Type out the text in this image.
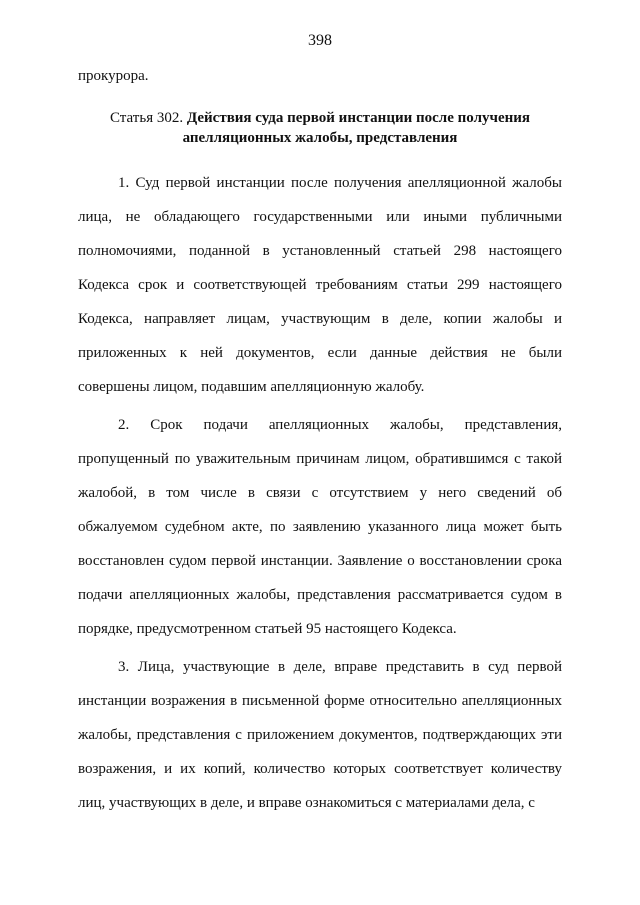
398

прокурора.

Статья 302. Действия суда первой инстанции после получения апелляционных жалобы, представления

1. Суд первой инстанции после получения апелляционной жалобы лица, не обладающего государственными или иными публичными полномочиями, поданной в установленный статьей 298 настоящего Кодекса срок и соответствующей требованиям статьи 299 настоящего Кодекса, направляет лицам, участвующим в деле, копии жалобы и приложенных к ней документов, если данные действия не были совершены лицом, подавшим апелляционную жалобу.

2. Срок подачи апелляционных жалобы, представления, пропущенный по уважительным причинам лицом, обратившимся с такой жалобой, в том числе в связи с отсутствием у него сведений об обжалуемом судебном акте, по заявлению указанного лица может быть восстановлен судом первой инстанции. Заявление о восстановлении срока подачи апелляционных жалобы, представления рассматривается судом в порядке, предусмотренном статьей 95 настоящего Кодекса.

3. Лица, участвующие в деле, вправе представить в суд первой инстанции возражения в письменной форме относительно апелляционных жалобы, представления с приложением документов, подтверждающих эти возражения, и их копий, количество которых соответствует количеству лиц, участвующих в деле, и вправе ознакомиться с материалами дела, с
